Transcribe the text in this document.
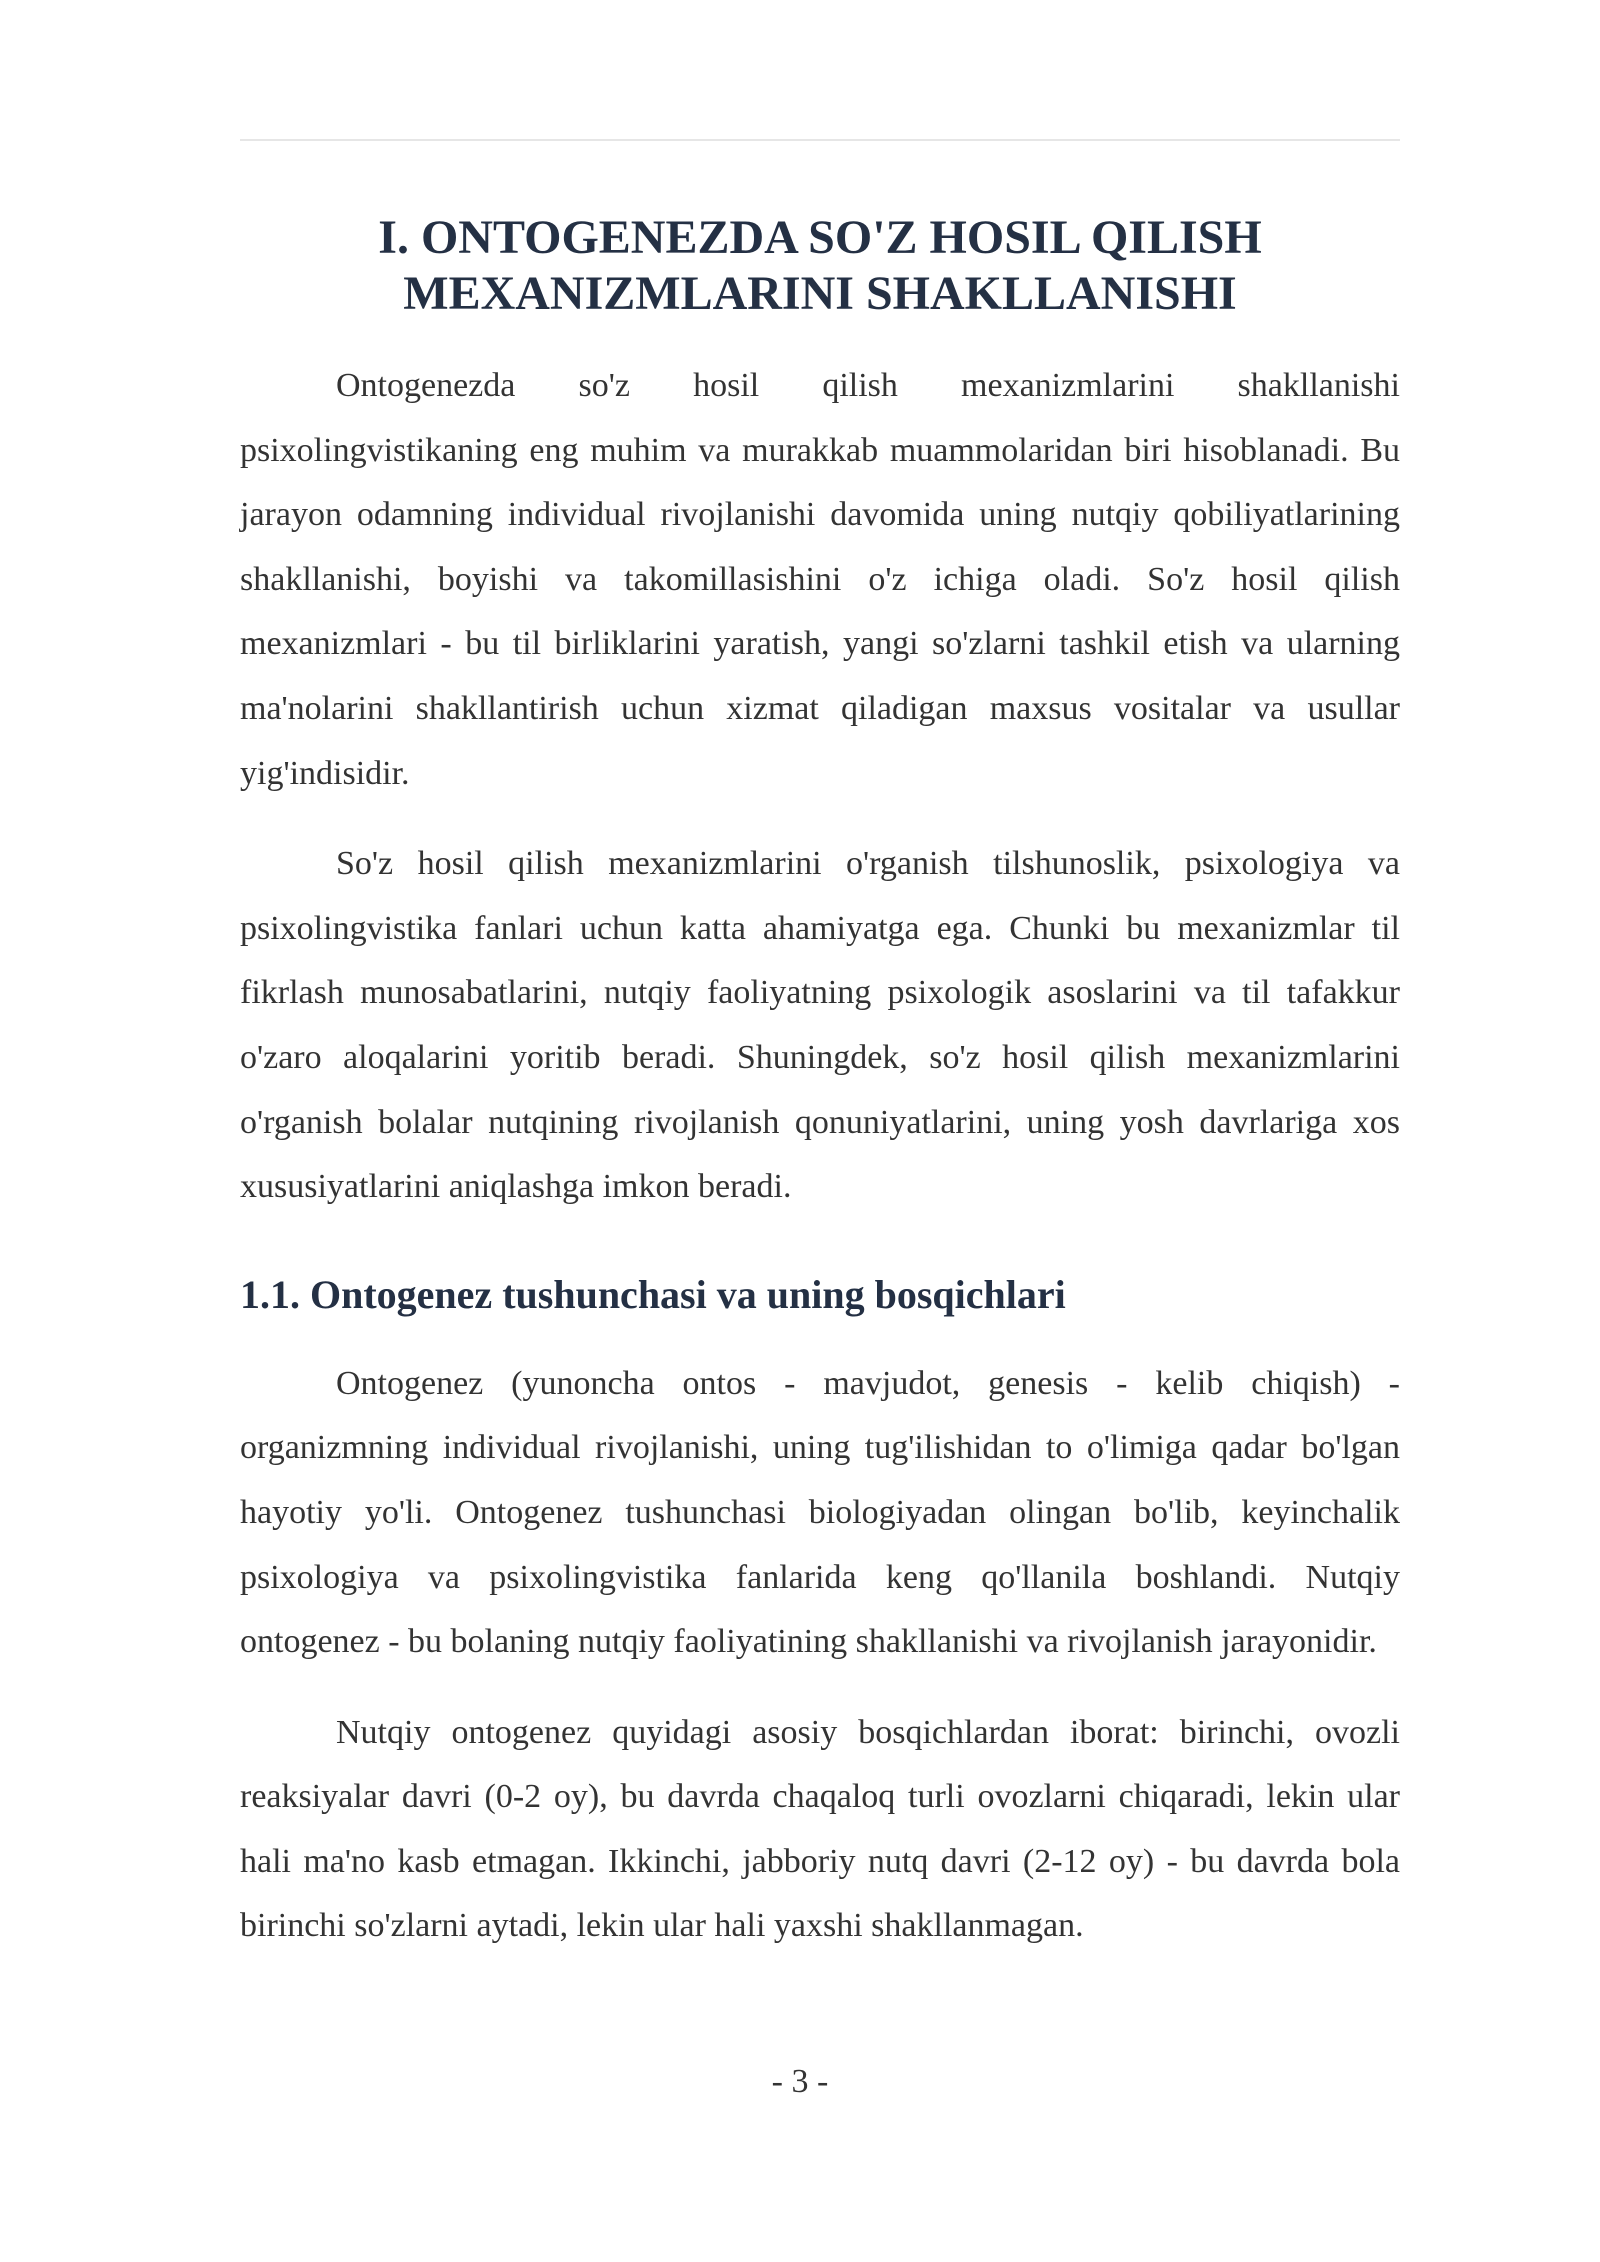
I. ONTOGENEZDA SO'Z HOSIL QILISH
MEXANIZMLARINI SHAKLLANISHI

Ontogenezda so'z hosil qilish mexanizmlarini shakllanishi psixolingvistikaning eng muhim va murakkab muammolaridan biri hisoblanadi. Bu jarayon odamning individual rivojlanishi davomida uning nutqiy qobiliyatlarining shakllanishi, boyishi va takomillasishini o'z ichiga oladi. So'z hosil qilish mexanizmlari - bu til birliklarini yaratish, yangi so'zlarni tashkil etish va ularning ma'nolarini shakllantirish uchun xizmat qiladigan maxsus vositalar va usullar yig'indisidir.

So'z hosil qilish mexanizmlarini o'rganish tilshunoslik, psixologiya va psixolingvistika fanlari uchun katta ahamiyatga ega. Chunki bu mexanizmlar til fikrlash munosabatlarini, nutqiy faoliyatning psixologik asoslarini va til tafakkur o'zaro aloqalarini yoritib beradi. Shuningdek, so'z hosil qilish mexanizmlarini o'rganish bolalar nutqining rivojlanish qonuniyatlarini, uning yosh davrlariga xos xususiyatlarini aniqlashga imkon beradi.

1.1. Ontogenez tushunchasi va uning bosqichlari

Ontogenez (yunoncha ontos - mavjudot, genesis - kelib chiqish) - organizmning individual rivojlanishi, uning tug'ilishidan to o'limiga qadar bo'lgan hayotiy yo'li. Ontogenez tushunchasi biologiyadan olingan bo'lib, keyinchalik psixologiya va psixolingvistika fanlarida keng qo'llanila boshlandi. Nutqiy ontogenez - bu bolaning nutqiy faoliyatining shakllanishi va rivojlanish jarayonidir.

Nutqiy ontogenez quyidagi asosiy bosqichlardan iborat: birinchi, ovozli reaksiyalar davri (0-2 oy), bu davrda chaqaloq turli ovozlarni chiqaradi, lekin ular hali ma'no kasb etmagan. Ikkinchi, jabboriy nutq davri (2-12 oy) - bu davrda bola birinchi so'zlarni aytadi, lekin ular hali yaxshi shakllanmagan.

- 3 -
